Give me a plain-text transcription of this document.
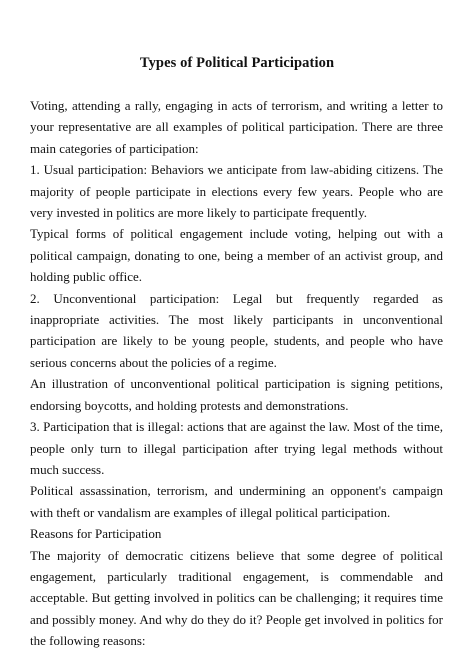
Types of Political Participation

Voting, attending a rally, engaging in acts of terrorism, and writing a letter to your representative are all examples of political participation. There are three main categories of participation:

1. Usual participation: Behaviors we anticipate from law-abiding citizens. The majority of people participate in elections every few years. People who are very invested in politics are more likely to participate frequently.

Typical forms of political engagement include voting, helping out with a political campaign, donating to one, being a member of an activist group, and holding public office.

2. Unconventional participation: Legal but frequently regarded as inappropriate activities. The most likely participants in unconventional participation are likely to be young people, students, and people who have serious concerns about the policies of a regime.

An illustration of unconventional political participation is signing petitions, endorsing boycotts, and holding protests and demonstrations.

3. Participation that is illegal: actions that are against the law. Most of the time, people only turn to illegal participation after trying legal methods without much success.

Political assassination, terrorism, and undermining an opponent's campaign with theft or vandalism are examples of illegal political participation.

Reasons for Participation

The majority of democratic citizens believe that some degree of political engagement, particularly traditional engagement, is commendable and acceptable. But getting involved in politics can be challenging; it requires time and possibly money. And why do they do it? People get involved in politics for the following reasons:
